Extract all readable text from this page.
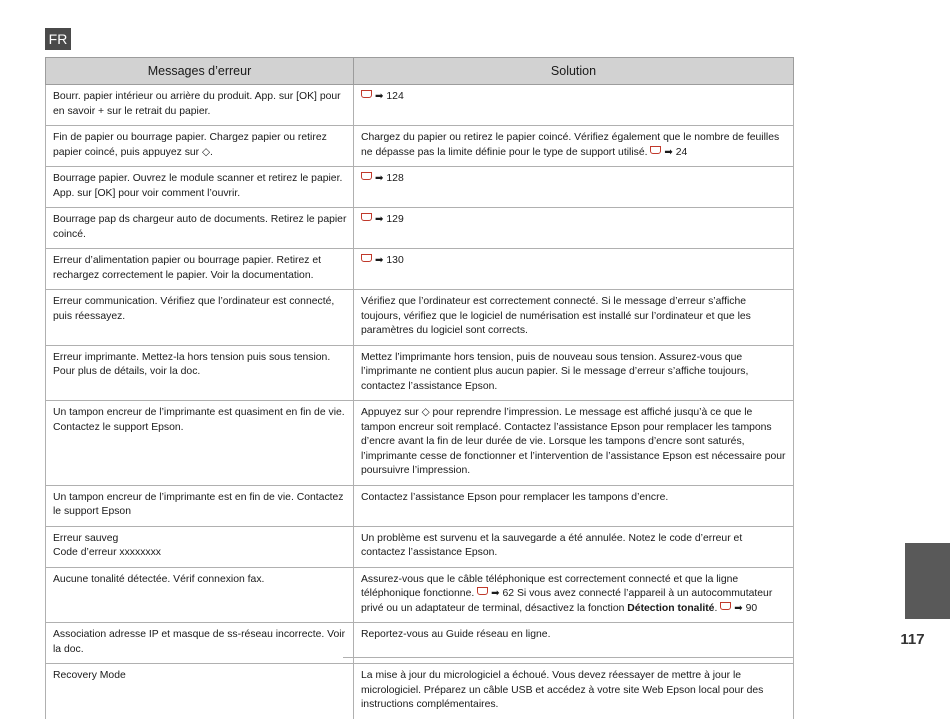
FR
Messages d’erreur	Solution
Bourr. papier intérieur ou arrière du produit. App. sur [OK] pour en savoir + sur le retrait du papier.	➡ 124
Fin de papier ou bourrage papier. Chargez papier ou retirez papier coincé, puis appuyez sur ◇.	Chargez du papier ou retirez le papier coincé. Vérifiez également que le nombre de feuilles ne dépasse pas la limite définie pour le type de support utilisé. ➡ 24
Bourrage papier. Ouvrez le module scanner et retirez le papier. App. sur [OK] pour voir comment l’ouvrir.	➡ 128
Bourrage pap ds chargeur auto de documents. Retirez le papier coincé.	➡ 129
Erreur d’alimentation papier ou bourrage papier. Retirez et rechargez correctement le papier. Voir la documentation.	➡ 130
Erreur communication. Vérifiez que l’ordinateur est connecté, puis réessayez.	Vérifiez que l’ordinateur est correctement connecté. Si le message d’erreur s’affiche toujours, vérifiez que le logiciel de numérisation est installé sur l’ordinateur et que les paramètres du logiciel sont corrects.
Erreur imprimante. Mettez-la hors tension puis sous tension. Pour plus de détails, voir la doc.	Mettez l’imprimante hors tension, puis de nouveau sous tension. Assurez-vous que l’imprimante ne contient plus aucun papier. Si le message d’erreur s’affiche toujours, contactez l’assistance Epson.
Un tampon encreur de l’imprimante est quasiment en fin de vie. Contactez le support Epson.	Appuyez sur ◇ pour reprendre l’impression. Le message est affiché jusqu’à ce que le tampon encreur soit remplacé. Contactez l’assistance Epson pour remplacer les tampons d’encre avant la fin de leur durée de vie. Lorsque les tampons d’encre sont saturés, l’imprimante cesse de fonctionner et l’intervention de l’assistance Epson est nécessaire pour poursuivre l’impression.
Un tampon encreur de l’imprimante est en fin de vie. Contactez le support Epson	Contactez l’assistance Epson pour remplacer les tampons d’encre.

Erreur sauveg
Code d’erreur xxxxxxxx	Un problème est survenu et la sauvegarde a été annulée. Notez le code d’erreur et contactez l’assistance Epson.
Aucune tonalité détectée. Vérif connexion fax.	Assurez-vous que le câble téléphonique est correctement connecté et que la ligne téléphonique fonctionne. ➡ 62 Si vous avez connecté l’appareil à un autocommutateur privé ou un adaptateur de terminal, désactivez la fonction Détection tonalité. ➡ 90
Association adresse IP et masque de ss-réseau incorrecte. Voir la doc.	Reportez-vous au Guide réseau en ligne.
Recovery Mode	La mise à jour du micrologiciel a échoué. Vous devez réessayer de mettre à jour le micrologiciel. Préparez un câble USB et accédez à votre site Web Epson local pour des instructions complémentaires.
117
